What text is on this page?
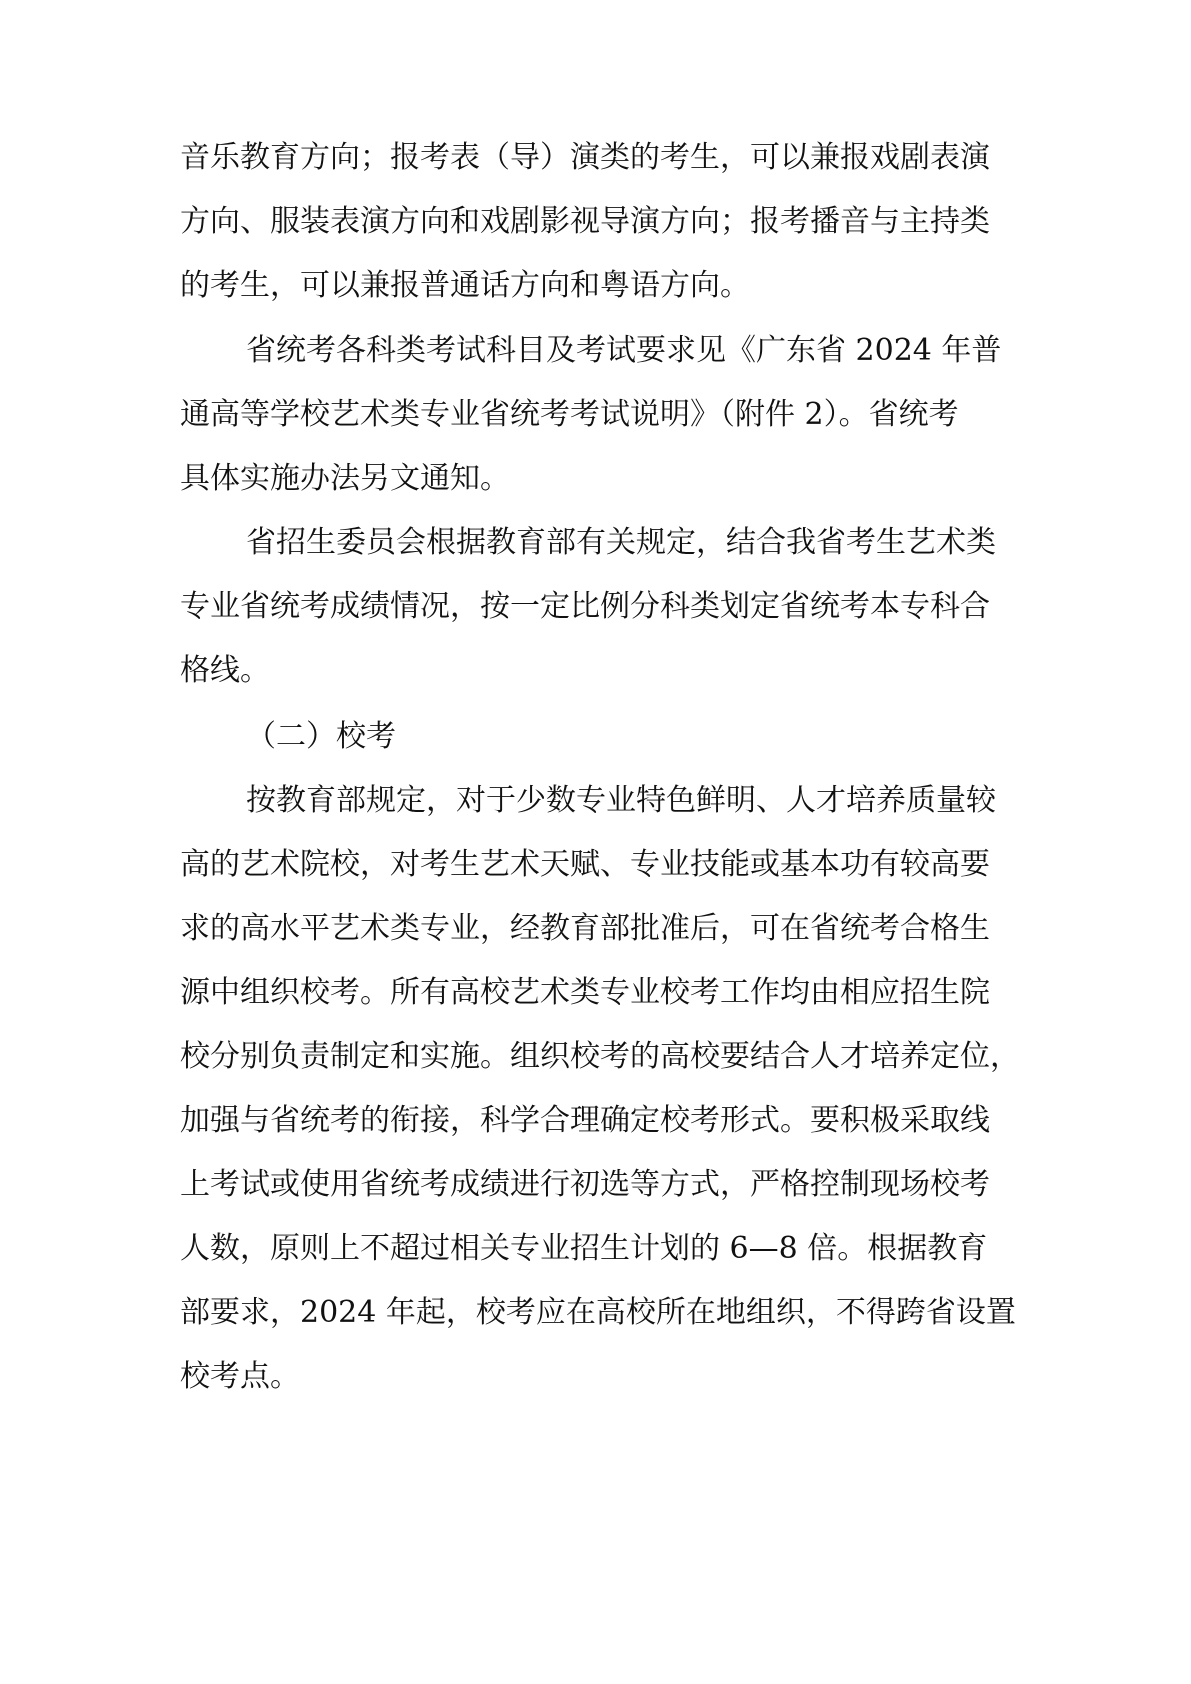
音乐教育方向；报考表（导）演类的考生，可以兼报戏剧表演
方向、服装表演方向和戏剧影视导演方向；报考播音与主持类
的考生，可以兼报普通话方向和粤语方向。
省统考各科类考试科目及考试要求见《广东省 2024 年普
通高等学校艺术类专业省统考考试说明》（附件 2）。省统考
具体实施办法另文通知。
省招生委员会根据教育部有关规定，结合我省考生艺术类
专业省统考成绩情况，按一定比例分科类划定省统考本专科合
格线。
（二）校考
按教育部规定，对于少数专业特色鲜明、人才培养质量较
高的艺术院校，对考生艺术天赋、专业技能或基本功有较高要
求的高水平艺术类专业，经教育部批准后，可在省统考合格生
源中组织校考。所有高校艺术类专业校考工作均由相应招生院
校分别负责制定和实施。组织校考的高校要结合人才培养定位，
加强与省统考的衔接，科学合理确定校考形式。要积极采取线
上考试或使用省统考成绩进行初选等方式，严格控制现场校考
人数，原则上不超过相关专业招生计划的 6—8 倍。根据教育
部要求，2024 年起，校考应在高校所在地组织，不得跨省设置
校考点。
